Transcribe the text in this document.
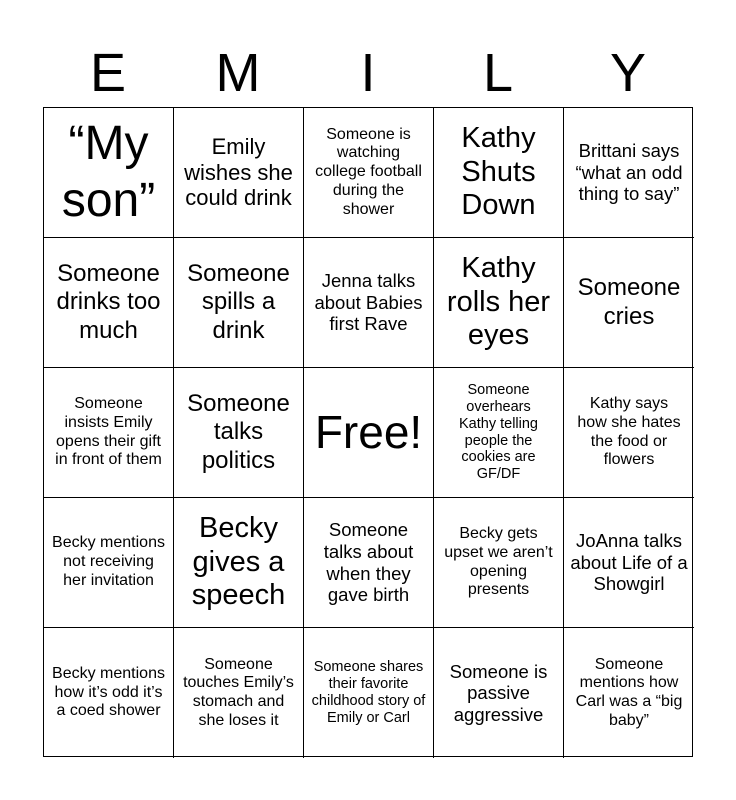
E	M	I	L	Y
“My son”
Emily wishes she could drink
Someone is watching college football during the shower
Kathy Shuts Down
Brittani says “what an odd thing to say”
Someone drinks too much
Someone spills a drink
Jenna talks about Babies first Rave
Kathy rolls her eyes
Someone cries
Someone insists Emily opens their gift in front of them
Someone talks politics
Free!
Someone overhears Kathy telling people the cookies are GF/DF
Kathy says how she hates the food or flowers
Becky mentions not receiving her invitation
Becky gives a speech
Someone talks about when they gave birth
Becky gets upset we aren’t opening presents
JoAnna talks about Life of a Showgirl
Becky mentions how it’s odd it’s a coed shower
Someone touches Emily’s stomach and she loses it
Someone shares their favorite childhood story of Emily or Carl
Someone is passive aggressive
Someone mentions how Carl was a “big baby”
